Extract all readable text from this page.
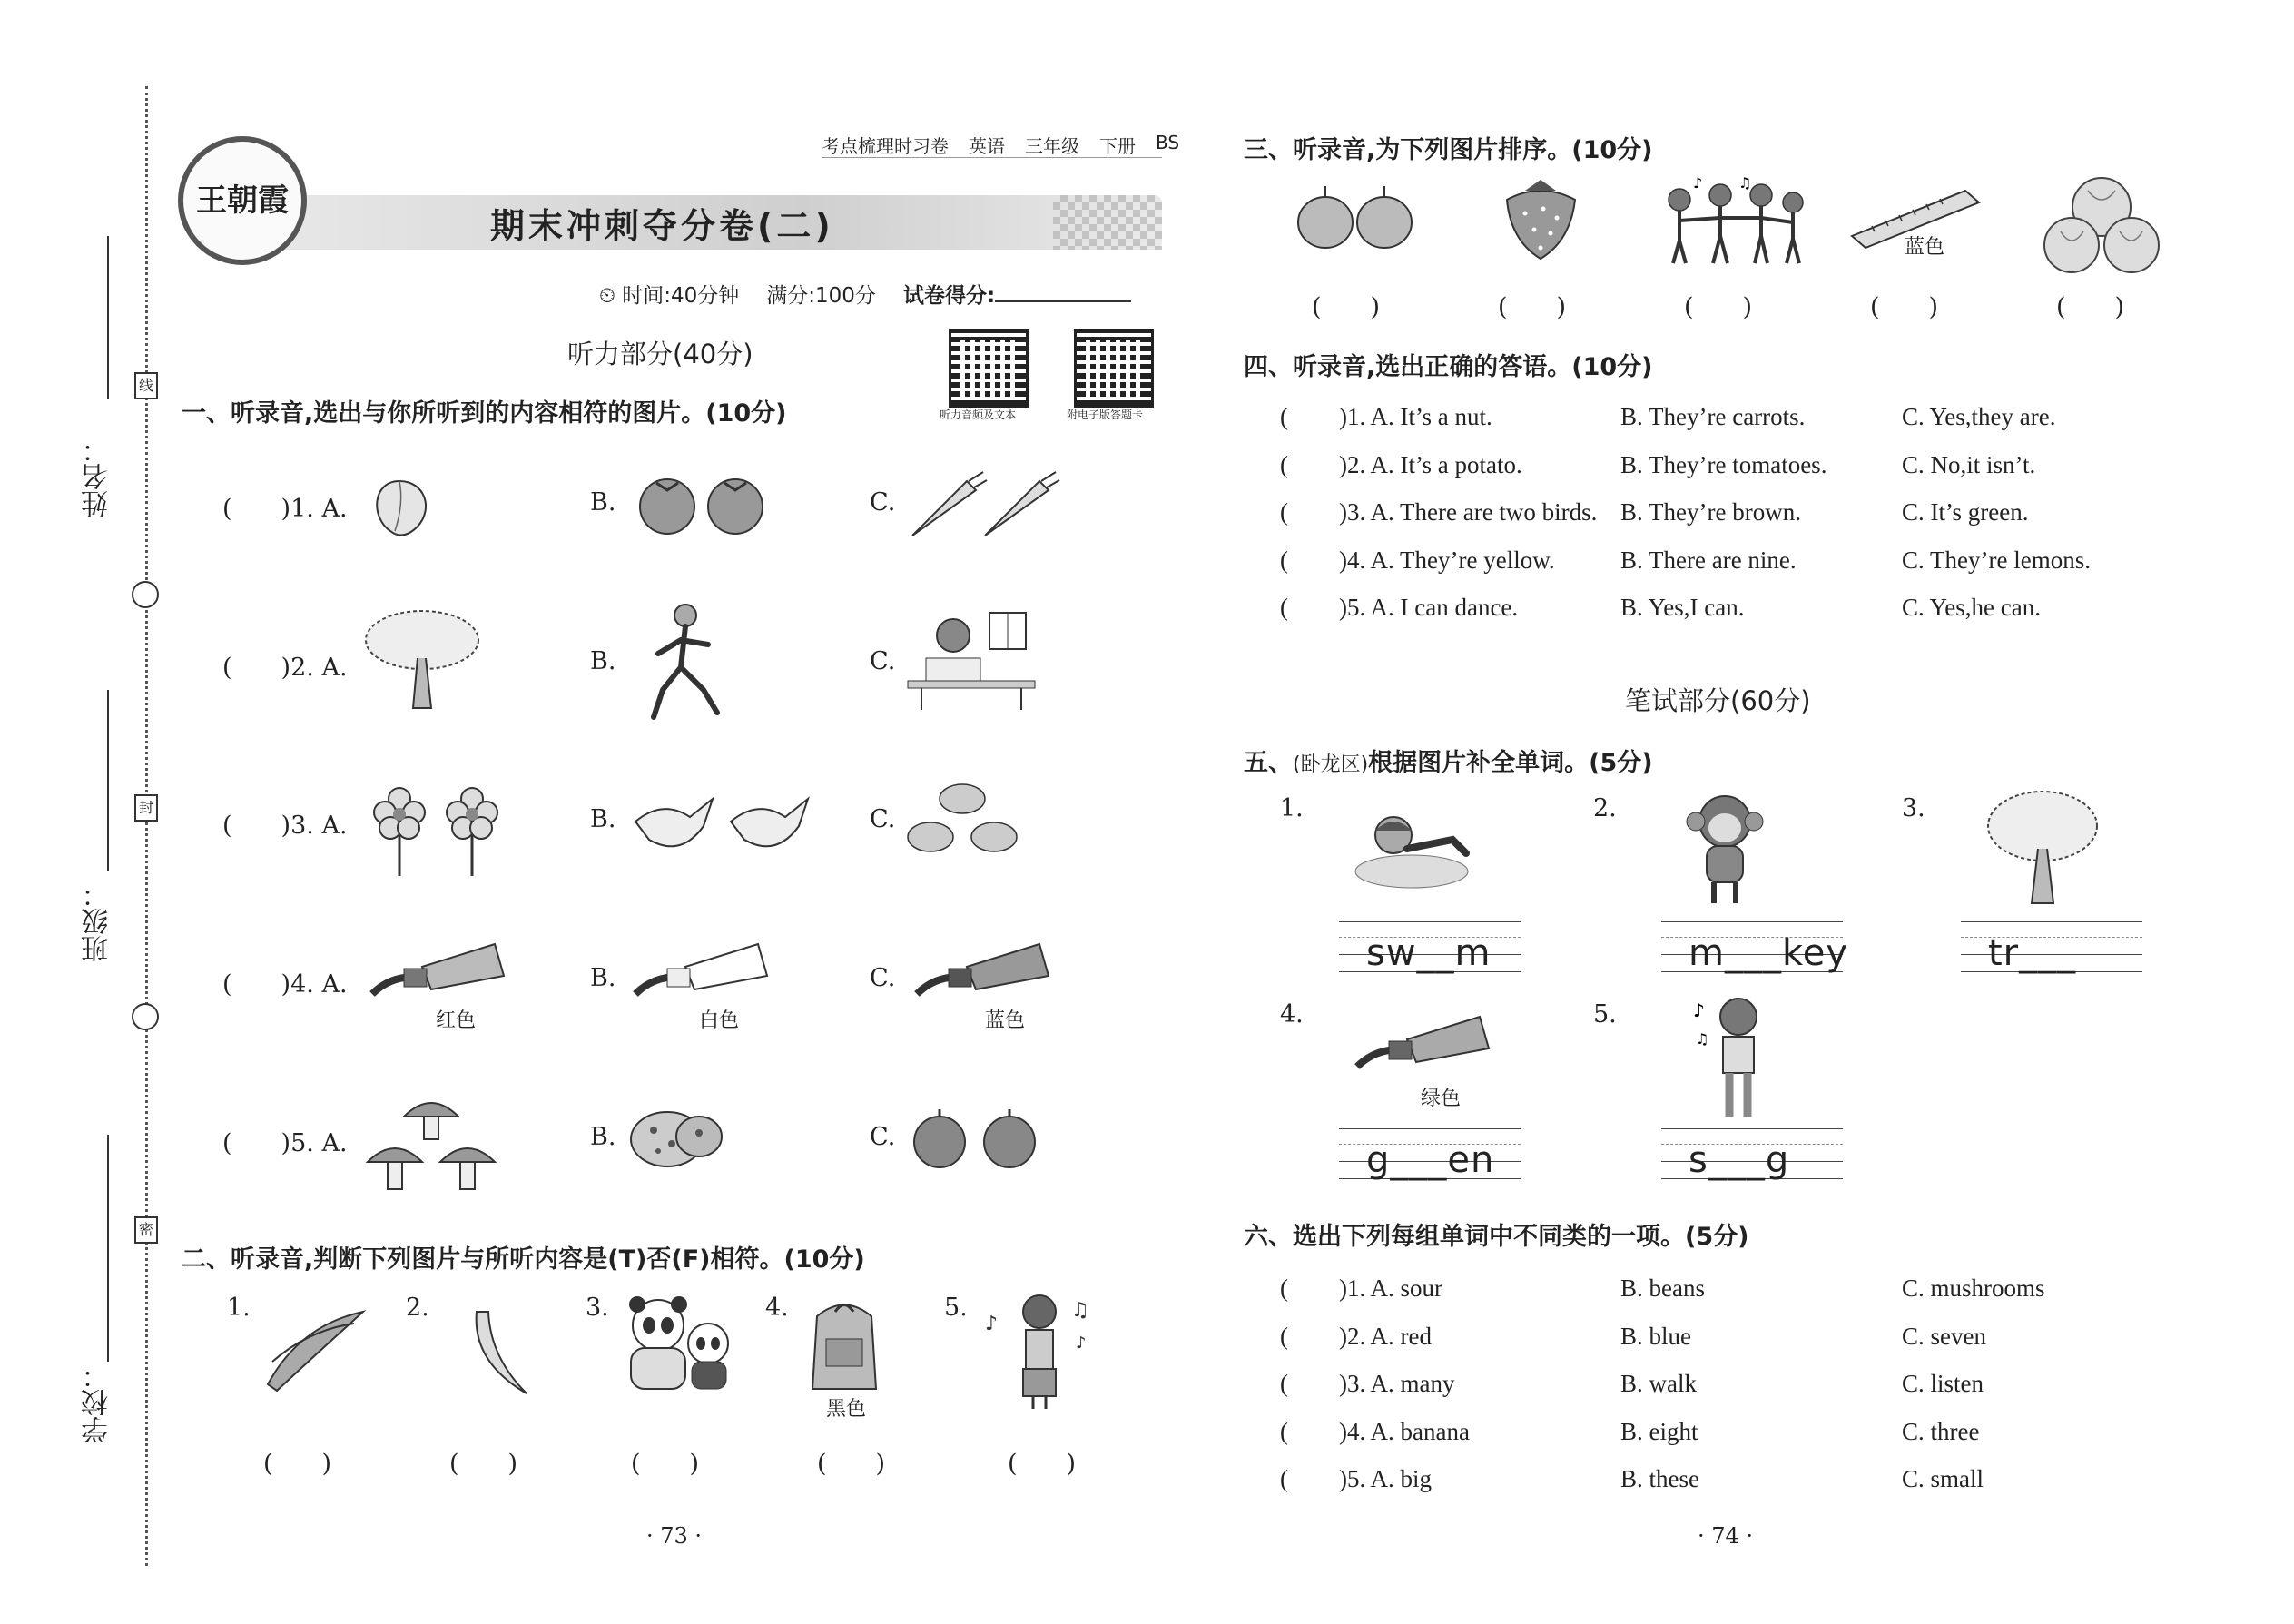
姓名：
班级：
学校：
线
封
密
王朝霞
期末冲刺夺分卷(二)
考点梳理时习卷 英语 三年级 下册 BS
⏲ 时间:40分钟 满分:100分 试卷得分:
听力音频及文本	附电子版答题卡
听力部分(40分)
一、听录音,选出与你所听到的内容相符的图片。(10分)
(　　)1. A.	B.	C.
(　　)2. A.	B.	C.
(　　)3. A.	B.	C.
(　　)4. A.
红色
B.
白色
C.
蓝色
(　　)5. A.	B.	C.
二、听录音,判断下列图片与所听内容是(T)否(F)相符。(10分)
1.
(　　)
2.
(　　)
3.
(　　)
4.
黑色
(　　)
5.
♪
♫
♪
(　　)
· 73 ·
三、听录音,为下列图片排序。(10分)
(　　)	(　　)
♪ ♫
(　　)
蓝色
(　　)	(　　)
四、听录音,选出正确的答语。(10分)
(	)1. A. It’s a nut.	B. They’re carrots.	C. Yes,they are.
(	)2. A. It’s a potato.	B. They’re tomatoes.	C. No,it isn’t.
(	)3. A. There are two birds. B. They’re brown.	C. It’s green.
(	)4. A. They’re yellow.	B. There are nine.	C. They’re lemons.
(	)5. A. I can dance.	B. Yes,I can.	C. Yes,he can.
笔试部分(60分)
五、(卧龙区)根据图片补全单词。(5分)
1.
sw__m
2.
m___key
3.
tr___
4.
绿色
g___en
5.	♪
♫
s___g
六、选出下列每组单词中不同类的一项。(5分)
(	)1. A. sour	B. beans	C. mushrooms
(	)2. A. red	B. blue	C. seven
(	)3. A. many	B. walk	C. listen
(	)4. A. banana	B. eight	C. three
(	)5. A. big	B. these	C. small
· 74 ·
